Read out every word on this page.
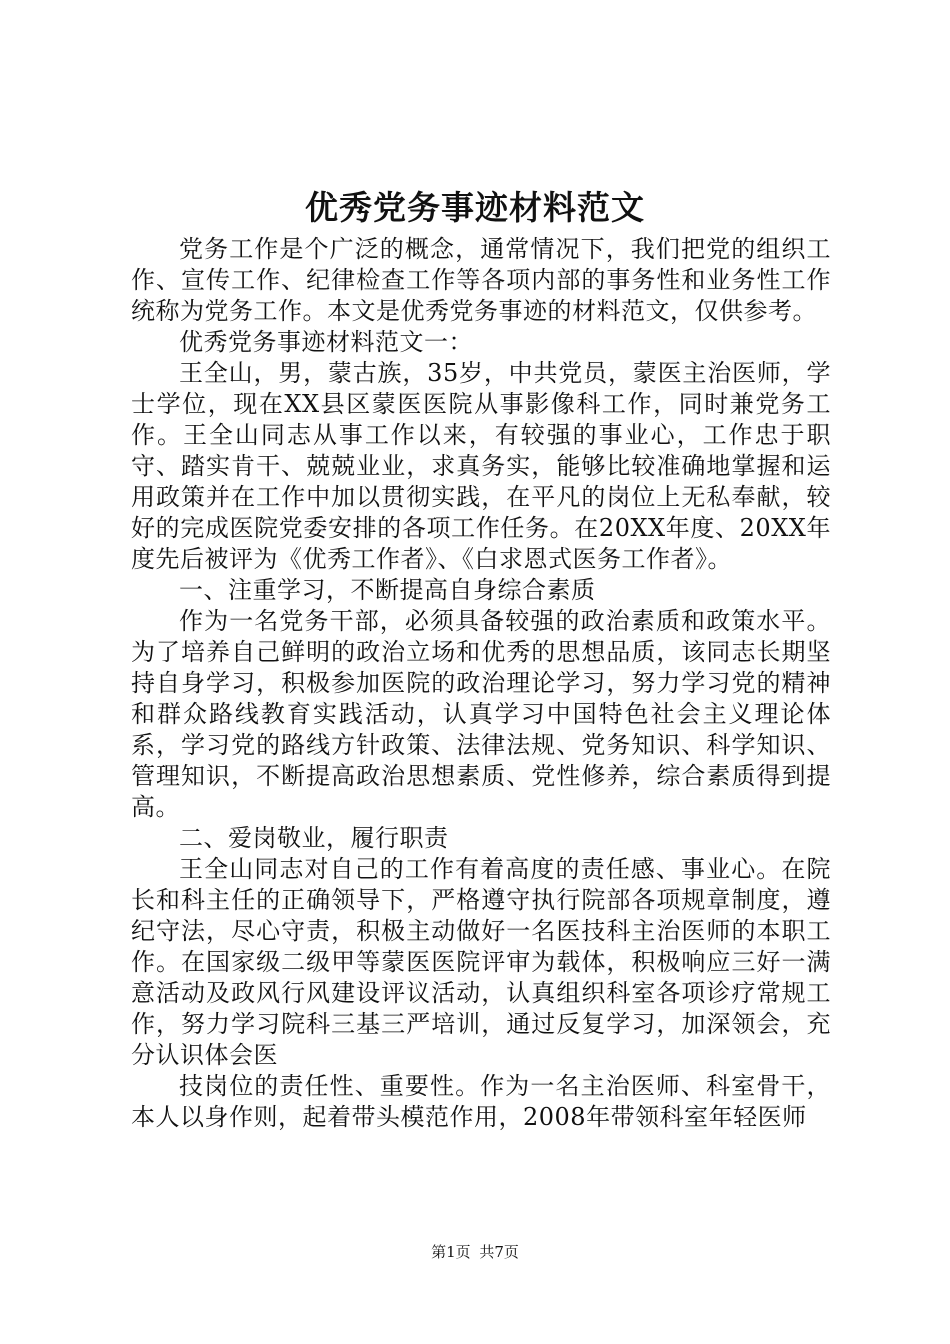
优秀党务事迹材料范文

党务工作是个广泛的概念，通常情况下，我们把党的组织工作、宣传工作、纪律检查工作等各项内部的事务性和业务性工作统称为党务工作。本文是优秀党务事迹的材料范文，仅供参考。

优秀党务事迹材料范文一：

王全山，男，蒙古族，35岁，中共党员，蒙医主治医师，学士学位，现在XX县区蒙医医院从事影像科工作，同时兼党务工作。王全山同志从事工作以来，有较强的事业心，工作忠于职守、踏实肯干、兢兢业业，求真务实，能够比较准确地掌握和运用政策并在工作中加以贯彻实践，在平凡的岗位上无私奉献，较好的完成医院党委安排的各项工作任务。在20XX年度、20XX年度先后被评为《优秀工作者》、《白求恩式医务工作者》。

一、注重学习，不断提高自身综合素质

作为一名党务干部，必须具备较强的政治素质和政策水平。为了培养自己鲜明的政治立场和优秀的思想品质，该同志长期坚持自身学习，积极参加医院的政治理论学习，努力学习党的精神和群众路线教育实践活动，认真学习中国特色社会主义理论体系，学习党的路线方针政策、法律法规、党务知识、科学知识、管理知识，不断提高政治思想素质、党性修养，综合素质得到提高。

二、爱岗敬业，履行职责

王全山同志对自己的工作有着高度的责任感、事业心。在院长和科主任的正确领导下，严格遵守执行院部各项规章制度，遵纪守法，尽心守责，积极主动做好一名医技科主治医师的本职工作。在国家级二级甲等蒙医医院评审为载体，积极响应三好一满意活动及政风行风建设评议活动，认真组织科室各项诊疗常规工作，努力学习院科三基三严培训，通过反复学习，加深领会，充分认识体会医

技岗位的责任性、重要性。作为一名主治医师、科室骨干，本人以身作则，起着带头模范作用，2008年带领科室年轻医师

第1页 共7页
